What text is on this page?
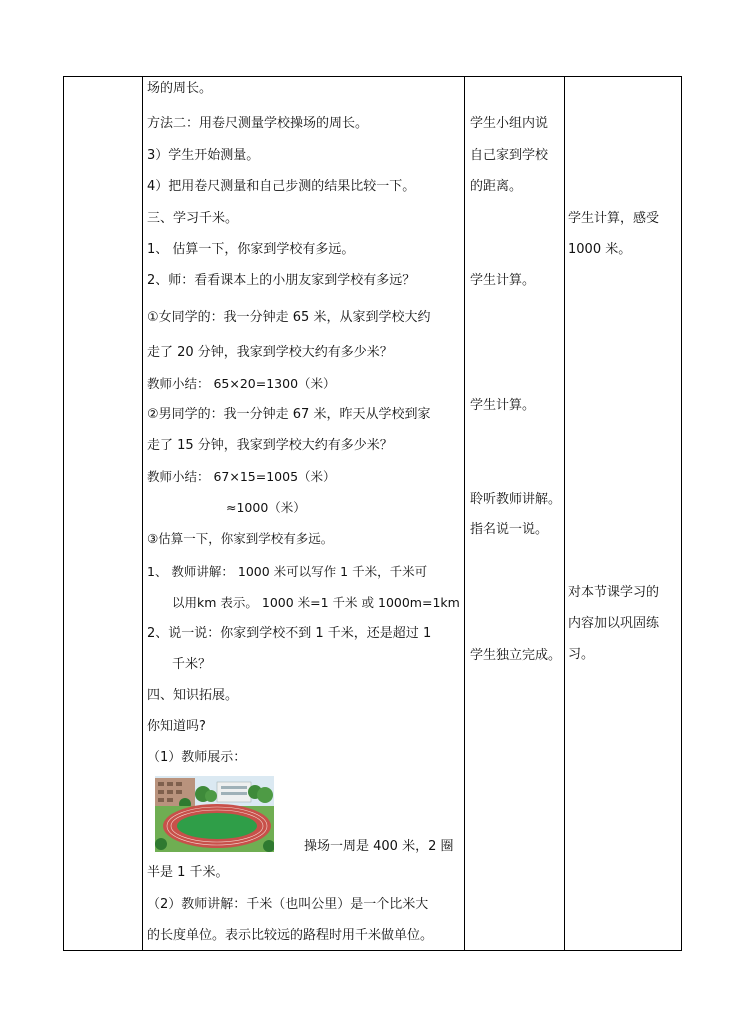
场的周长。
方法二：用卷尺测量学校操场的周长。
3）学生开始测量。
4）把用卷尺测量和自己步测的结果比较一下。
三、学习千米。
1、 估算一下，你家到学校有多远。
2、师：看看课本上的小朋友家到学校有多远？
①女同学的：我一分钟走 65 米，从家到学校大约
走了 20 分钟，我家到学校大约有多少米？
教师小结： 65×20=1300（米）
②男同学的：我一分钟走 67 米，昨天从学校到家
走了 15 分钟，我家到学校大约有多少米？
教师小结： 67×15=1005（米）
≈1000（米）
③估算一下，你家到学校有多远。
1、 教师讲解： 1000 米可以写作 1 千米，千米可
以用km 表示。 1000 米=1 千米 或 1000m=1km
2、说一说：你家到学校不到 1 千米，还是超过 1
千米？
四、知识拓展。
你知道吗?
（1）教师展示：
操场一周是 400 米，2 圈
半是 1 千米。
（2）教师讲解：千米（也叫公里）是一个比米大
的长度单位。表示比较远的路程时用千米做单位。
学生小组内说
自己家到学校
的距离。
学生计算。
学生计算。
聆听教师讲解。
指名说一说。
学生独立完成。
学生计算，感受
1000 米。
对本节课学习的
内容加以巩固练
习。
